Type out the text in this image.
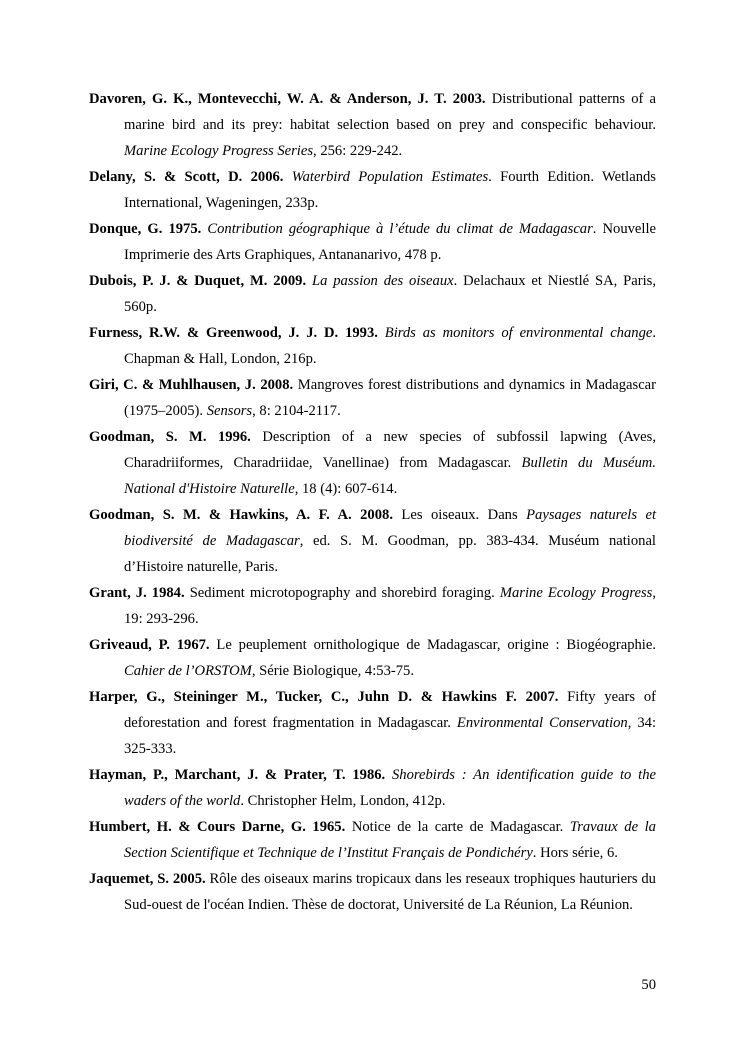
Davoren, G. K., Montevecchi, W. A. & Anderson, J. T. 2003. Distributional patterns of a marine bird and its prey: habitat selection based on prey and conspecific behaviour. Marine Ecology Progress Series, 256: 229-242.

Delany, S. & Scott, D. 2006. Waterbird Population Estimates. Fourth Edition. Wetlands International, Wageningen, 233p.

Donque, G. 1975. Contribution géographique à l’étude du climat de Madagascar. Nouvelle Imprimerie des Arts Graphiques, Antananarivo, 478 p.

Dubois, P. J. & Duquet, M. 2009. La passion des oiseaux. Delachaux et Niestlé SA, Paris, 560p.

Furness, R.W. & Greenwood, J. J. D. 1993. Birds as monitors of environmental change. Chapman & Hall, London, 216p.

Giri, C. & Muhlhausen, J. 2008. Mangroves forest distributions and dynamics in Madagascar (1975–2005). Sensors, 8: 2104-2117.

Goodman, S. M. 1996. Description of a new species of subfossil lapwing (Aves, Charadriiformes, Charadriidae, Vanellinae) from Madagascar. Bulletin du Muséum. National d'Histoire Naturelle, 18 (4): 607-614.

Goodman, S. M. & Hawkins, A. F. A. 2008. Les oiseaux. Dans Paysages naturels et biodiversité de Madagascar, ed. S. M. Goodman, pp. 383-434. Muséum national d’Histoire naturelle, Paris.

Grant, J. 1984. Sediment microtopography and shorebird foraging. Marine Ecology Progress, 19: 293-296.

Griveaud, P. 1967. Le peuplement ornithologique de Madagascar, origine : Biogéographie. Cahier de l’ORSTOM, Série Biologique, 4:53-75.

Harper, G., Steininger M., Tucker, C., Juhn D. & Hawkins F. 2007. Fifty years of deforestation and forest fragmentation in Madagascar. Environmental Conservation, 34: 325-333.

Hayman, P., Marchant, J. & Prater, T. 1986. Shorebirds : An identification guide to the waders of the world. Christopher Helm, London, 412p.

Humbert, H. & Cours Darne, G. 1965. Notice de la carte de Madagascar. Travaux de la Section Scientifique et Technique de l’Institut Français de Pondichéry. Hors série, 6.

Jaquemet, S. 2005. Rôle des oiseaux marins tropicaux dans les reseaux trophiques hauturiers du Sud-ouest de l'océan Indien. Thèse de doctorat, Université de La Réunion, La Réunion.

50
